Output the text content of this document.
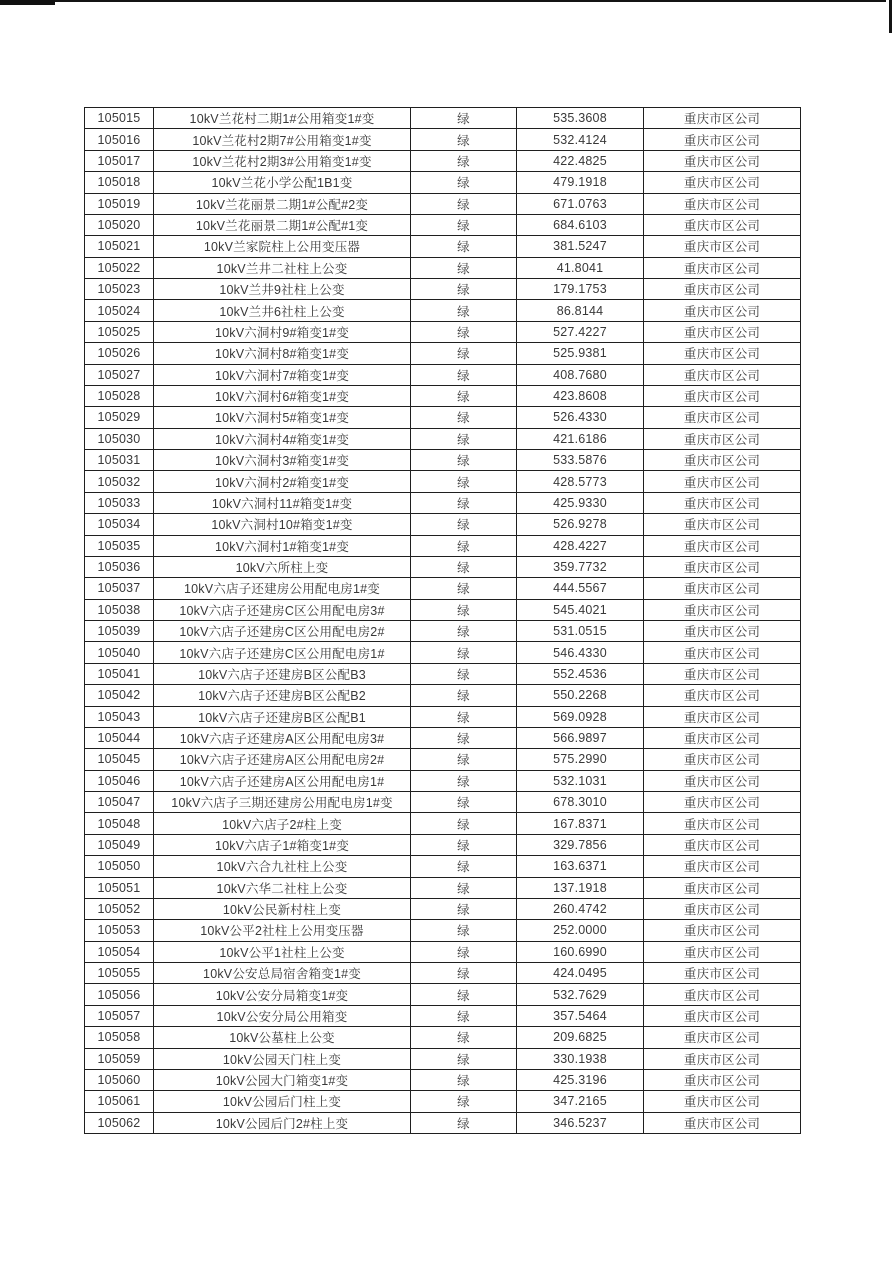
105015	10kV兰花村二期1#公用箱变1#变	绿	535.3608	重庆市区公司
105016	10kV兰花村2期7#公用箱变1#变	绿	532.4124	重庆市区公司
105017	10kV兰花村2期3#公用箱变1#变	绿	422.4825	重庆市区公司
105018	10kV兰花小学公配1B1变	绿	479.1918	重庆市区公司
105019	10kV兰花丽景二期1#公配#2变	绿	671.0763	重庆市区公司
105020	10kV兰花丽景二期1#公配#1变	绿	684.6103	重庆市区公司
105021	10kV兰家院柱上公用变压器	绿	381.5247	重庆市区公司
105022	10kV兰井二社柱上公变	绿	41.8041	重庆市区公司
105023	10kV兰井9社柱上公变	绿	179.1753	重庆市区公司
105024	10kV兰井6社柱上公变	绿	86.8144	重庆市区公司
105025	10kV六洞村9#箱变1#变	绿	527.4227	重庆市区公司
105026	10kV六洞村8#箱变1#变	绿	525.9381	重庆市区公司
105027	10kV六洞村7#箱变1#变	绿	408.7680	重庆市区公司
105028	10kV六洞村6#箱变1#变	绿	423.8608	重庆市区公司
105029	10kV六洞村5#箱变1#变	绿	526.4330	重庆市区公司
105030	10kV六洞村4#箱变1#变	绿	421.6186	重庆市区公司
105031	10kV六洞村3#箱变1#变	绿	533.5876	重庆市区公司
105032	10kV六洞村2#箱变1#变	绿	428.5773	重庆市区公司
105033	10kV六洞村11#箱变1#变	绿	425.9330	重庆市区公司
105034	10kV六洞村10#箱变1#变	绿	526.9278	重庆市区公司
105035	10kV六洞村1#箱变1#变	绿	428.4227	重庆市区公司
105036	10kV六所柱上变	绿	359.7732	重庆市区公司
105037	10kV六店子还建房公用配电房1#变	绿	444.5567	重庆市区公司
105038	10kV六店子还建房C区公用配电房3#	绿	545.4021	重庆市区公司
105039	10kV六店子还建房C区公用配电房2#	绿	531.0515	重庆市区公司
105040	10kV六店子还建房C区公用配电房1#	绿	546.4330	重庆市区公司
105041	10kV六店子还建房B区公配B3	绿	552.4536	重庆市区公司
105042	10kV六店子还建房B区公配B2	绿	550.2268	重庆市区公司
105043	10kV六店子还建房B区公配B1	绿	569.0928	重庆市区公司
105044	10kV六店子还建房A区公用配电房3#	绿	566.9897	重庆市区公司
105045	10kV六店子还建房A区公用配电房2#	绿	575.2990	重庆市区公司
105046	10kV六店子还建房A区公用配电房1#	绿	532.1031	重庆市区公司
105047	10kV六店子三期还建房公用配电房1#变	绿	678.3010	重庆市区公司
105048	10kV六店子2#柱上变	绿	167.8371	重庆市区公司
105049	10kV六店子1#箱变1#变	绿	329.7856	重庆市区公司
105050	10kV六合九社柱上公变	绿	163.6371	重庆市区公司
105051	10kV六华二社柱上公变	绿	137.1918	重庆市区公司
105052	10kV公民新村柱上变	绿	260.4742	重庆市区公司
105053	10kV公平2社柱上公用变压器	绿	252.0000	重庆市区公司
105054	10kV公平1社柱上公变	绿	160.6990	重庆市区公司
105055	10kV公安总局宿舍箱变1#变	绿	424.0495	重庆市区公司
105056	10kV公安分局箱变1#变	绿	532.7629	重庆市区公司
105057	10kV公安分局公用箱变	绿	357.5464	重庆市区公司
105058	10kV公墓柱上公变	绿	209.6825	重庆市区公司
105059	10kV公园天门柱上变	绿	330.1938	重庆市区公司
105060	10kV公园大门箱变1#变	绿	425.3196	重庆市区公司
105061	10kV公园后门柱上变	绿	347.2165	重庆市区公司
105062	10kV公园后门2#柱上变	绿	346.5237	重庆市区公司
